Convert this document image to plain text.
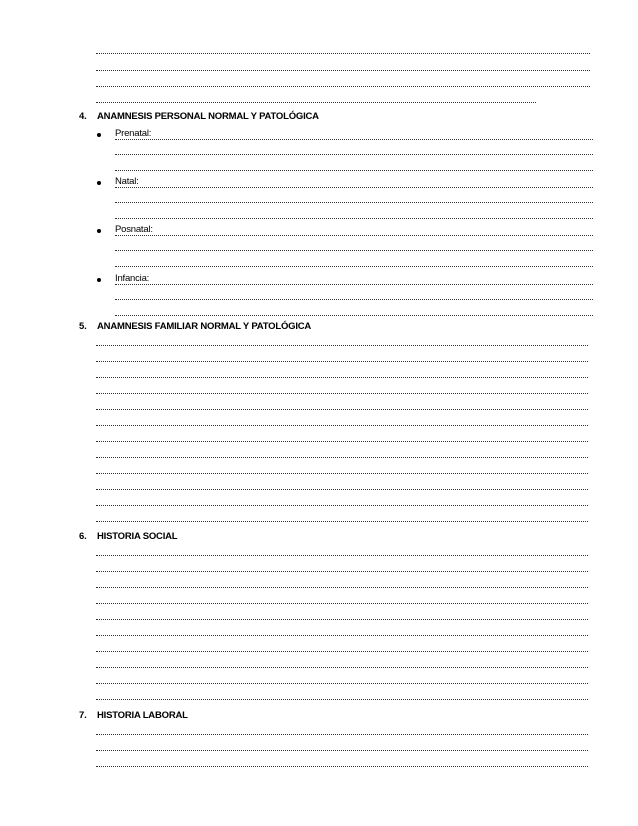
4. ANAMNESIS PERSONAL NORMAL Y PATOLÓGICA
Prenatal:
Natal:
Posnatal:
Infancia:
5. ANAMNESIS FAMILIAR NORMAL Y PATOLÓGICA
6. HISTORIA SOCIAL
7. HISTORIA LABORAL
